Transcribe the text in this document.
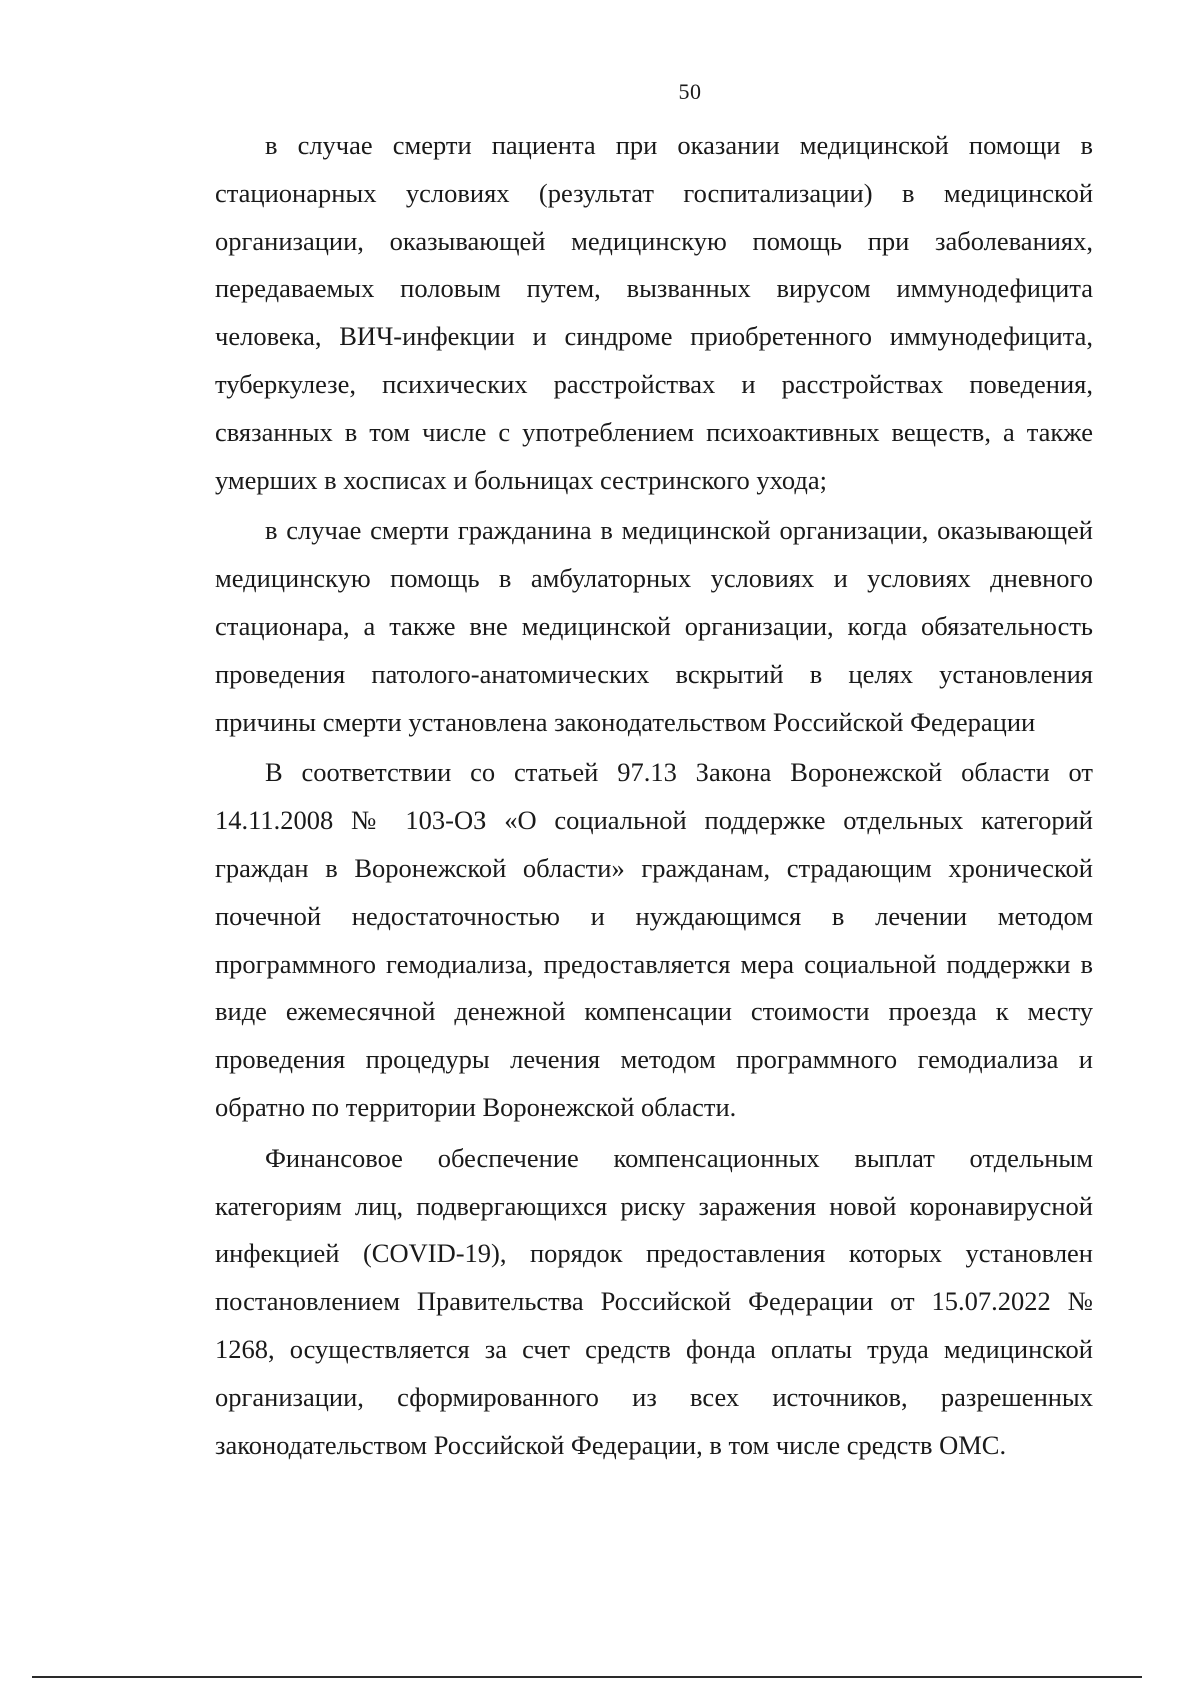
50

в случае смерти пациента при оказании медицинской помощи в стационарных условиях (результат госпитализации) в медицинской организации, оказывающей медицинскую помощь при заболеваниях, передаваемых половым путем, вызванных вирусом иммунодефицита человека, ВИЧ-инфекции и синдроме приобретенного иммунодефицита, туберкулезе, психических расстройствах и расстройствах поведения, связанных в том числе с употреблением психоактивных веществ, а также умерших в хосписах и больницах сестринского ухода;

в случае смерти гражданина в медицинской организации, оказывающей медицинскую помощь в амбулаторных условиях и условиях дневного стационара, а также вне медицинской организации, когда обязательность проведения патолого-анатомических вскрытий в целях установления причины смерти установлена законодательством Российской Федерации

В соответствии со статьей 97.13 Закона Воронежской области от 14.11.2008 № 103-ОЗ «О социальной поддержке отдельных категорий граждан в Воронежской области» гражданам, страдающим хронической почечной недостаточностью и нуждающимся в лечении методом программного гемодиализа, предоставляется мера социальной поддержки в виде ежемесячной денежной компенсации стоимости проезда к месту проведения процедуры лечения методом программного гемодиализа и обратно по территории Воронежской области.

Финансовое обеспечение компенсационных выплат отдельным категориям лиц, подвергающихся риску заражения новой коронавирусной инфекцией (COVID-19), порядок предоставления которых установлен постановлением Правительства Российской Федерации от 15.07.2022 № 1268, осуществляется за счет средств фонда оплаты труда медицинской организации, сформированного из всех источников, разрешенных законодательством Российской Федерации, в том числе средств ОМС.
